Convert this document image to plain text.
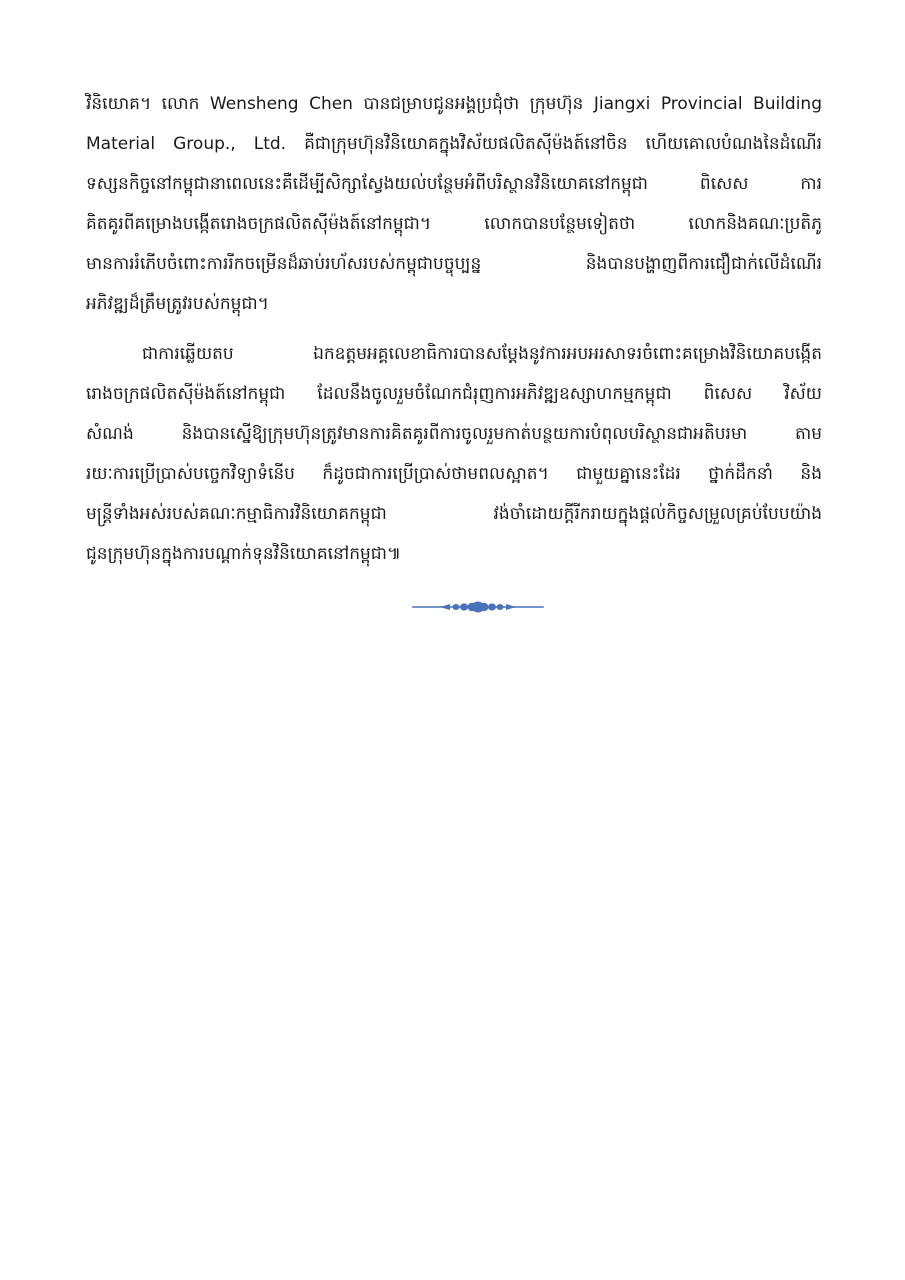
វិនិយោគ។ លោក Wensheng Chen បានជម្រាបជូនអង្គប្រជុំថា ក្រុមហ៊ុន Jiangxi Provincial Building
Material Group., Ltd. គឺជាក្រុមហ៊ុនវិនិយោគក្នុងវិស័យផលិតស៊ីម៉ងត៍នៅចិន ហើយគោលបំណងនៃដំណើរ
ទស្សនកិច្ចនៅកម្ពុជានាពេលនេះគឺដើម្បីសិក្សាស្វែងយល់បន្ថែមអំពីបរិស្ថានវិនិយោគនៅកម្ពុជា ពិសេស ការ
គិតគូរពីគម្រោងបង្កើតរោងចក្រផលិតស៊ីម៉ងត៍នៅកម្ពុជា។ លោកបានបន្ថែមទៀតថា លោកនិងគណៈប្រតិភូ
មានការរំភើបចំពោះការរីកចម្រើនដ៏ឆាប់រហ័សរបស់កម្ពុជាបច្ចុប្បន្ន និងបានបង្ហាញពីការជឿជាក់លើដំណើរ
អភិវឌ្ឍដ៏ត្រឹមត្រូវរបស់កម្ពុជា។
ជាការឆ្លើយតប ឯកឧត្តមអគ្គលេខាធិការបានសម្តែងនូវការអបអរសាទរចំពោះគម្រោងវិនិយោគបង្កើត
រោងចក្រផលិតស៊ីម៉ងត៍នៅកម្ពុជា ដែលនឹងចូលរួមចំណែកជំរុញការអភិវឌ្ឍឧស្សាហកម្មកម្ពុជា ពិសេស វិស័យ
សំណង់ និងបានស្នើឱ្យក្រុមហ៊ុនត្រូវមានការគិតគូរពីការចូលរួមកាត់បន្ថយការបំពុលបរិស្ថានជាអតិបរមា តាម
រយៈការប្រើប្រាស់បច្ចេកវិទ្យាទំនើប ក៏ដូចជាការប្រើប្រាស់ថាមពលស្អាត។ ជាមួយគ្នានេះដែរ ថ្នាក់ដឹកនាំ និង
មន្ត្រីទាំងអស់របស់គណៈកម្មាធិការវិនិយោគកម្ពុជា វង់ចាំដោយក្តីរីករាយក្នុងផ្តល់កិច្ចសម្រួលគ្រប់បែបយ៉ាង
ជូនក្រុមហ៊ុនក្នុងការបណ្តាក់ទុនវិនិយោគនៅកម្ពុជា៕
